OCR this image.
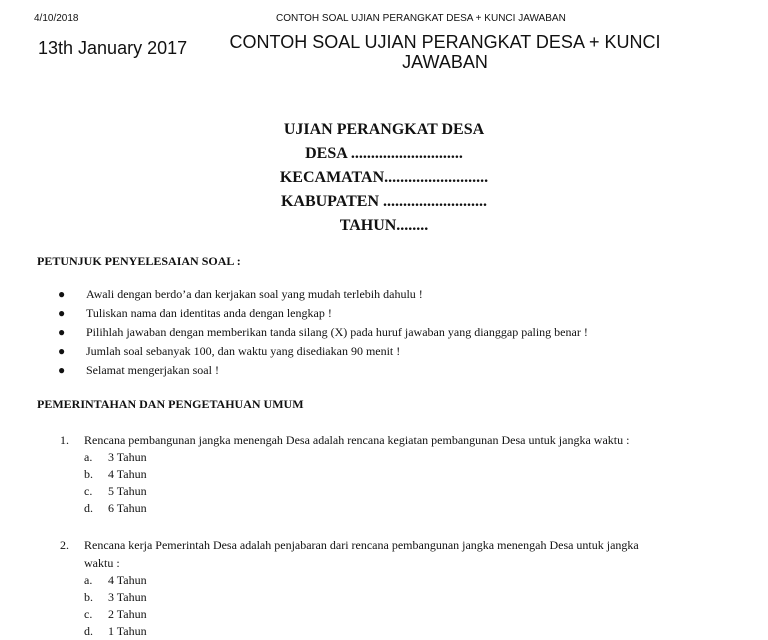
4/10/2018	CONTOH SOAL UJIAN PERANGKAT DESA + KUNCI JAWABAN
13th January 2017	CONTOH SOAL UJIAN PERANGKAT DESA + KUNCI
JAWABAN
UJIAN PERANGKAT DESA
DESA ............................
KECAMATAN..........................
KABUPATEN ..........................
TAHUN........
PETUNJUK PENYELESAIAN SOAL :
● Awali dengan berdo’a dan kerjakan soal yang mudah terlebih dahulu !
● Tuliskan nama dan identitas anda dengan lengkap !
● Pilihlah jawaban dengan memberikan tanda silang (X) pada huruf jawaban yang dianggap paling benar !
● Jumlah soal sebanyak 100, dan waktu yang disediakan 90 menit !
● Selamat mengerjakan soal !
PEMERINTAHAN DAN PENGETAHUAN UMUM
1. Rencana pembangunan jangka menengah Desa adalah rencana kegiatan pembangunan Desa untuk jangka waktu :
a. 3 Tahun
b. 4 Tahun
c. 5 Tahun
d. 6 Tahun
2. Rencana kerja Pemerintah Desa adalah penjabaran dari rencana pembangunan jangka menengah Desa untuk jangka
waktu :
a. 4 Tahun
b. 3 Tahun
c. 2 Tahun
d. 1 Tahun
